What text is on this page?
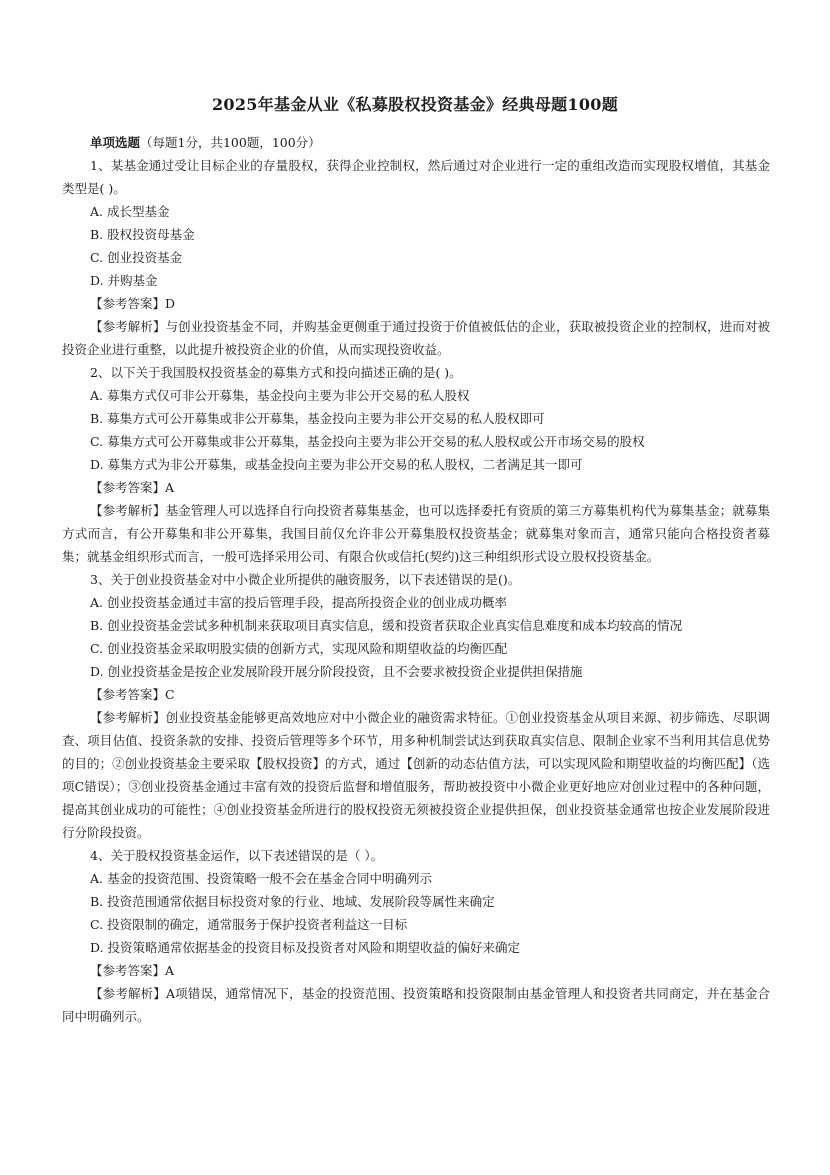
2025年基金从业《私募股权投资基金》经典母题100题
单项选题（每题1分，共100题，100分）
1、某基金通过受让目标企业的存量股权，获得企业控制权，然后通过对企业进行一定的重组改造而实现股权增值，其基金类型是( )。
A. 成长型基金
B. 股权投资母基金
C. 创业投资基金
D. 并购基金
【参考答案】D
【参考解析】与创业投资基金不同，并购基金更侧重于通过投资于价值被低估的企业，获取被投资企业的控制权，进而对被投资企业进行重整，以此提升被投资企业的价值，从而实现投资收益。
2、以下关于我国股权投资基金的募集方式和投向描述正确的是( )。
A. 募集方式仅可非公开募集，基金投向主要为非公开交易的私人股权
B. 募集方式可公开募集或非公开募集，基金投向主要为非公开交易的私人股权即可
C. 募集方式可公开募集或非公开募集，基金投向主要为非公开交易的私人股权或公开市场交易的股权
D. 募集方式为非公开募集，或基金投向主要为非公开交易的私人股权，二者满足其一即可
【参考答案】A
【参考解析】基金管理人可以选择自行向投资者募集基金，也可以选择委托有资质的第三方募集机构代为募集基金；就募集方式而言，有公开募集和非公开募集，我国目前仅允许非公开募集股权投资基金；就募集对象而言，通常只能向合格投资者募集；就基金组织形式而言，一般可选择采用公司、有限合伙或信托(契约)这三种组织形式设立股权投资基金。
3、关于创业投资基金对中小微企业所提供的融资服务，以下表述错误的是()。
A. 创业投资基金通过丰富的投后管理手段，提高所投资企业的创业成功概率
B. 创业投资基金尝试多种机制来获取项目真实信息，缓和投资者获取企业真实信息难度和成本均较高的情况
C. 创业投资基金采取明股实债的创新方式，实现风险和期望收益的均衡匹配
D. 创业投资基金是按企业发展阶段开展分阶段投资，且不会要求被投资企业提供担保措施
【参考答案】C
【参考解析】创业投资基金能够更高效地应对中小微企业的融资需求特征。①创业投资基金从项目来源、初步筛选、尽职调查、项目估值、投资条款的安排、投资后管理等多个环节，用多种机制尝试达到获取真实信息、限制企业家不当利用其信息优势的目的；②创业投资基金主要采取【股权投资】的方式，通过【创新的动态估值方法，可以实现风险和期望收益的均衡匹配】（选项C错误）；③创业投资基金通过丰富有效的投资后监督和增值服务，帮助被投资中小微企业更好地应对创业过程中的各种问题，提高其创业成功的可能性；④创业投资基金所进行的股权投资无须被投资企业提供担保，创业投资基金通常也按企业发展阶段进行分阶段投资。
4、关于股权投资基金运作，以下表述错误的是（ ）。
A. 基金的投资范围、投资策略一般不会在基金合同中明确列示
B. 投资范围通常依据目标投资对象的行业、地域、发展阶段等属性来确定
C. 投资限制的确定，通常服务于保护投资者利益这一目标
D. 投资策略通常依据基金的投资目标及投资者对风险和期望收益的偏好来确定
【参考答案】A
【参考解析】A项错误，通常情况下，基金的投资范围、投资策略和投资限制由基金管理人和投资者共同商定，并在基金合同中明确列示。
